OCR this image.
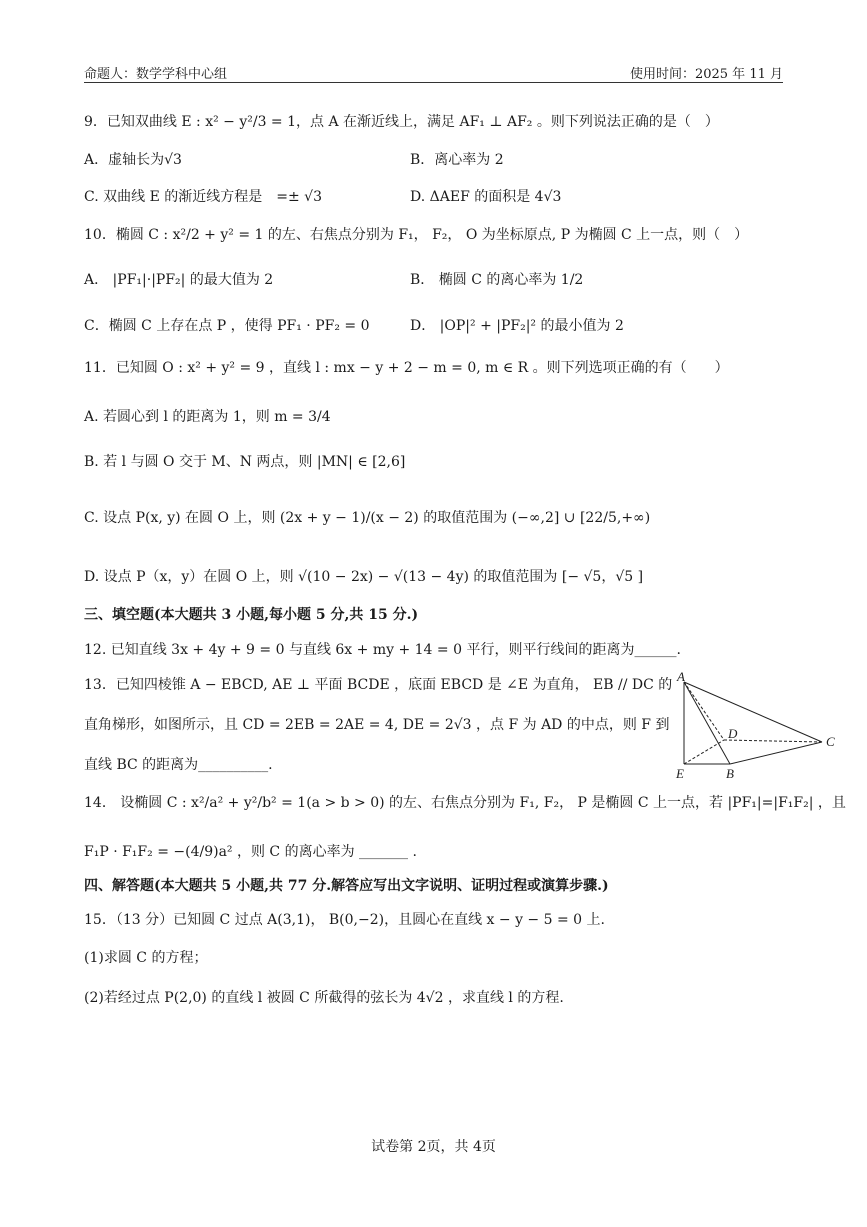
命题人：数学学科中心组	使用时间：2025 年 11 月
9．已知双曲线 E : x² − y²/3 = 1，点 A 在渐近线上，满足 AF₁ ⊥ AF₂ 。则下列说法正确的是（　）
A．虚轴长为√3	B．离心率为 2
C. 双曲线 E 的渐近线方程是　=± √3	D. ΔAEF 的面积是 4√3
10．椭圆 C : x²/2 + y² = 1 的左、右焦点分别为 F₁， F₂， O 为坐标原点, P 为椭圆 C 上一点，则（　）
A． |PF₁|·|PF₂| 的最大值为 2	B． 椭圆 C 的离心率为 1/2
C．椭圆 C 上存在点 P ，使得 PF₁ · PF₂ = 0	D． |OP|² + |PF₂|² 的最小值为 2
11．已知圆 O : x² + y² = 9 ，直线 l : mx − y + 2 − m = 0, m ∈ R 。则下列选项正确的有（　　）
A. 若圆心到 l 的距离为 1，则 m = 3/4
B. 若 l 与圆 O 交于 M、N 两点，则 |MN| ∈ [2,6]
C. 设点 P(x, y) 在圆 O 上，则 (2x + y − 1)/(x − 2) 的取值范围为 (−∞,2] ∪ [22/5,+∞)
D. 设点 P（x，y）在圆 O 上，则 √(10 − 2x) − √(13 − 4y) 的取值范围为 [− √5，√5 ]
三、填空题(本大题共 3 小题,每小题 5 分,共 15 分.)
12. 已知直线 3x + 4y + 9 = 0 与直线 6x + my + 14 = 0 平行，则平行线间的距离为______.
13．已知四棱锥 A − EBCD, AE ⊥ 平面 BCDE ，底面 EBCD 是 ∠E 为直角， EB // DC 的
直角梯形，如图所示，且 CD = 2EB = 2AE = 4, DE = 2√3 ，点 F 为 AD 的中点，则 F 到
直线 BC 的距离为__________.
A
D
C
E	B
14． 设椭圆 C : x²/a² + y²/b² = 1(a > b > 0) 的左、右焦点分别为 F₁, F₂， P 是椭圆 C 上一点，若 |PF₁|=|F₁F₂| ，且
F₁P · F₁F₂ = −(4/9)a² ，则 C 的离心率为 _______ .
四、解答题(本大题共 5 小题,共 77 分.解答应写出文字说明、证明过程或演算步骤.)
15．（13 分）已知圆 C 过点 A(3,1)， B(0,−2)，且圆心在直线 x − y − 5 = 0 上.
(1)求圆 C 的方程；
(2)若经过点 P(2,0) 的直线 l 被圆 C 所截得的弦长为 4√2 ，求直线 l 的方程.
试卷第 2页，共 4页
